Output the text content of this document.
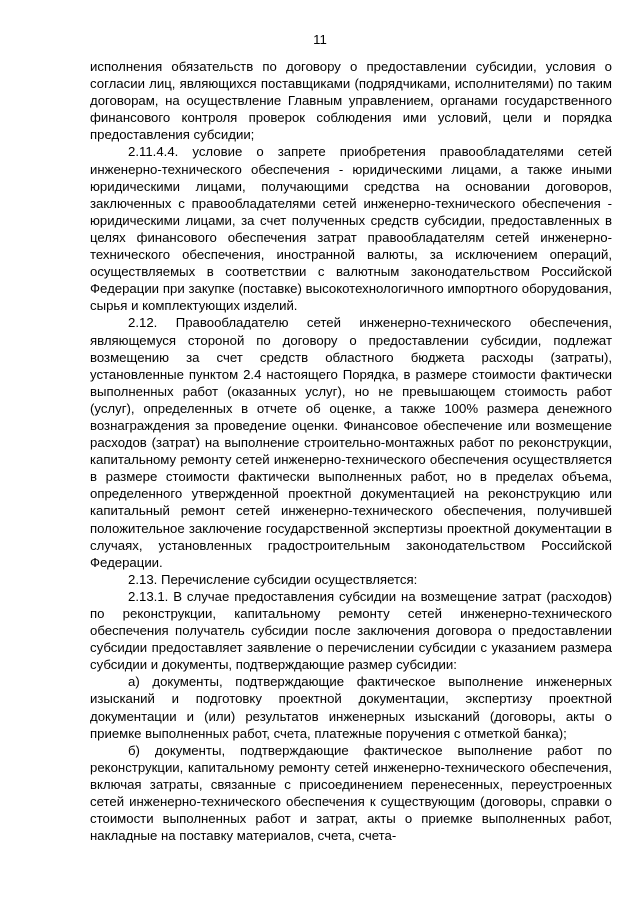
11

исполнения обязательств по договору о предоставлении субсидии, условия о согласии лиц, являющихся поставщиками (подрядчиками, исполнителями) по таким договорам, на осуществление Главным управлением, органами государственного финансового контроля проверок соблюдения ими условий, цели и порядка предоставления субсидии;

2.11.4.4. условие о запрете приобретения правообладателями сетей инженерно-технического обеспечения - юридическими лицами, а также иными юридическими лицами, получающими средства на основании договоров, заключенных с правообладателями сетей инженерно-технического обеспечения - юридическими лицами, за счет полученных средств субсидии, предоставленных в целях финансового обеспечения затрат правообладателям сетей инженерно-технического обеспечения, иностранной валюты, за исключением операций, осуществляемых в соответствии с валютным законодательством Российской Федерации при закупке (поставке) высокотехнологичного импортного оборудования, сырья и комплектующих изделий.

2.12. Правообладателю сетей инженерно-технического обеспечения, являющемуся стороной по договору о предоставлении субсидии, подлежат возмещению за счет средств областного бюджета расходы (затраты), установленные пунктом 2.4 настоящего Порядка, в размере стоимости фактически выполненных работ (оказанных услуг), но не превышающем стоимость работ (услуг), определенных в отчете об оценке, а также 100% размера денежного вознаграждения за проведение оценки. Финансовое обеспечение или возмещение расходов (затрат) на выполнение строительно-монтажных работ по реконструкции, капитальному ремонту сетей инженерно-технического обеспечения осуществляется в размере стоимости фактически выполненных работ, но в пределах объема, определенного утвержденной проектной документацией на реконструкцию или капитальный ремонт сетей инженерно-технического обеспечения, получившей положительное заключение государственной экспертизы проектной документации в случаях, установленных градостроительным законодательством Российской Федерации.

2.13. Перечисление субсидии осуществляется:

2.13.1. В случае предоставления субсидии на возмещение затрат (расходов) по реконструкции, капитальному ремонту сетей инженерно-технического обеспечения получатель субсидии после заключения договора о предоставлении субсидии предоставляет заявление о перечислении субсидии с указанием размера субсидии и документы, подтверждающие размер субсидии:

а) документы, подтверждающие фактическое выполнение инженерных изысканий и подготовку проектной документации, экспертизу проектной документации и (или) результатов инженерных изысканий (договоры, акты о приемке выполненных работ, счета, платежные поручения с отметкой банка);

б) документы, подтверждающие фактическое выполнение работ по реконструкции, капитальному ремонту сетей инженерно-технического обеспечения, включая затраты, связанные с присоединением перенесенных, переустроенных сетей инженерно-технического обеспечения к существующим (договоры, справки о стоимости выполненных работ и затрат, акты о приемке выполненных работ, накладные на поставку материалов, счета, счета-
